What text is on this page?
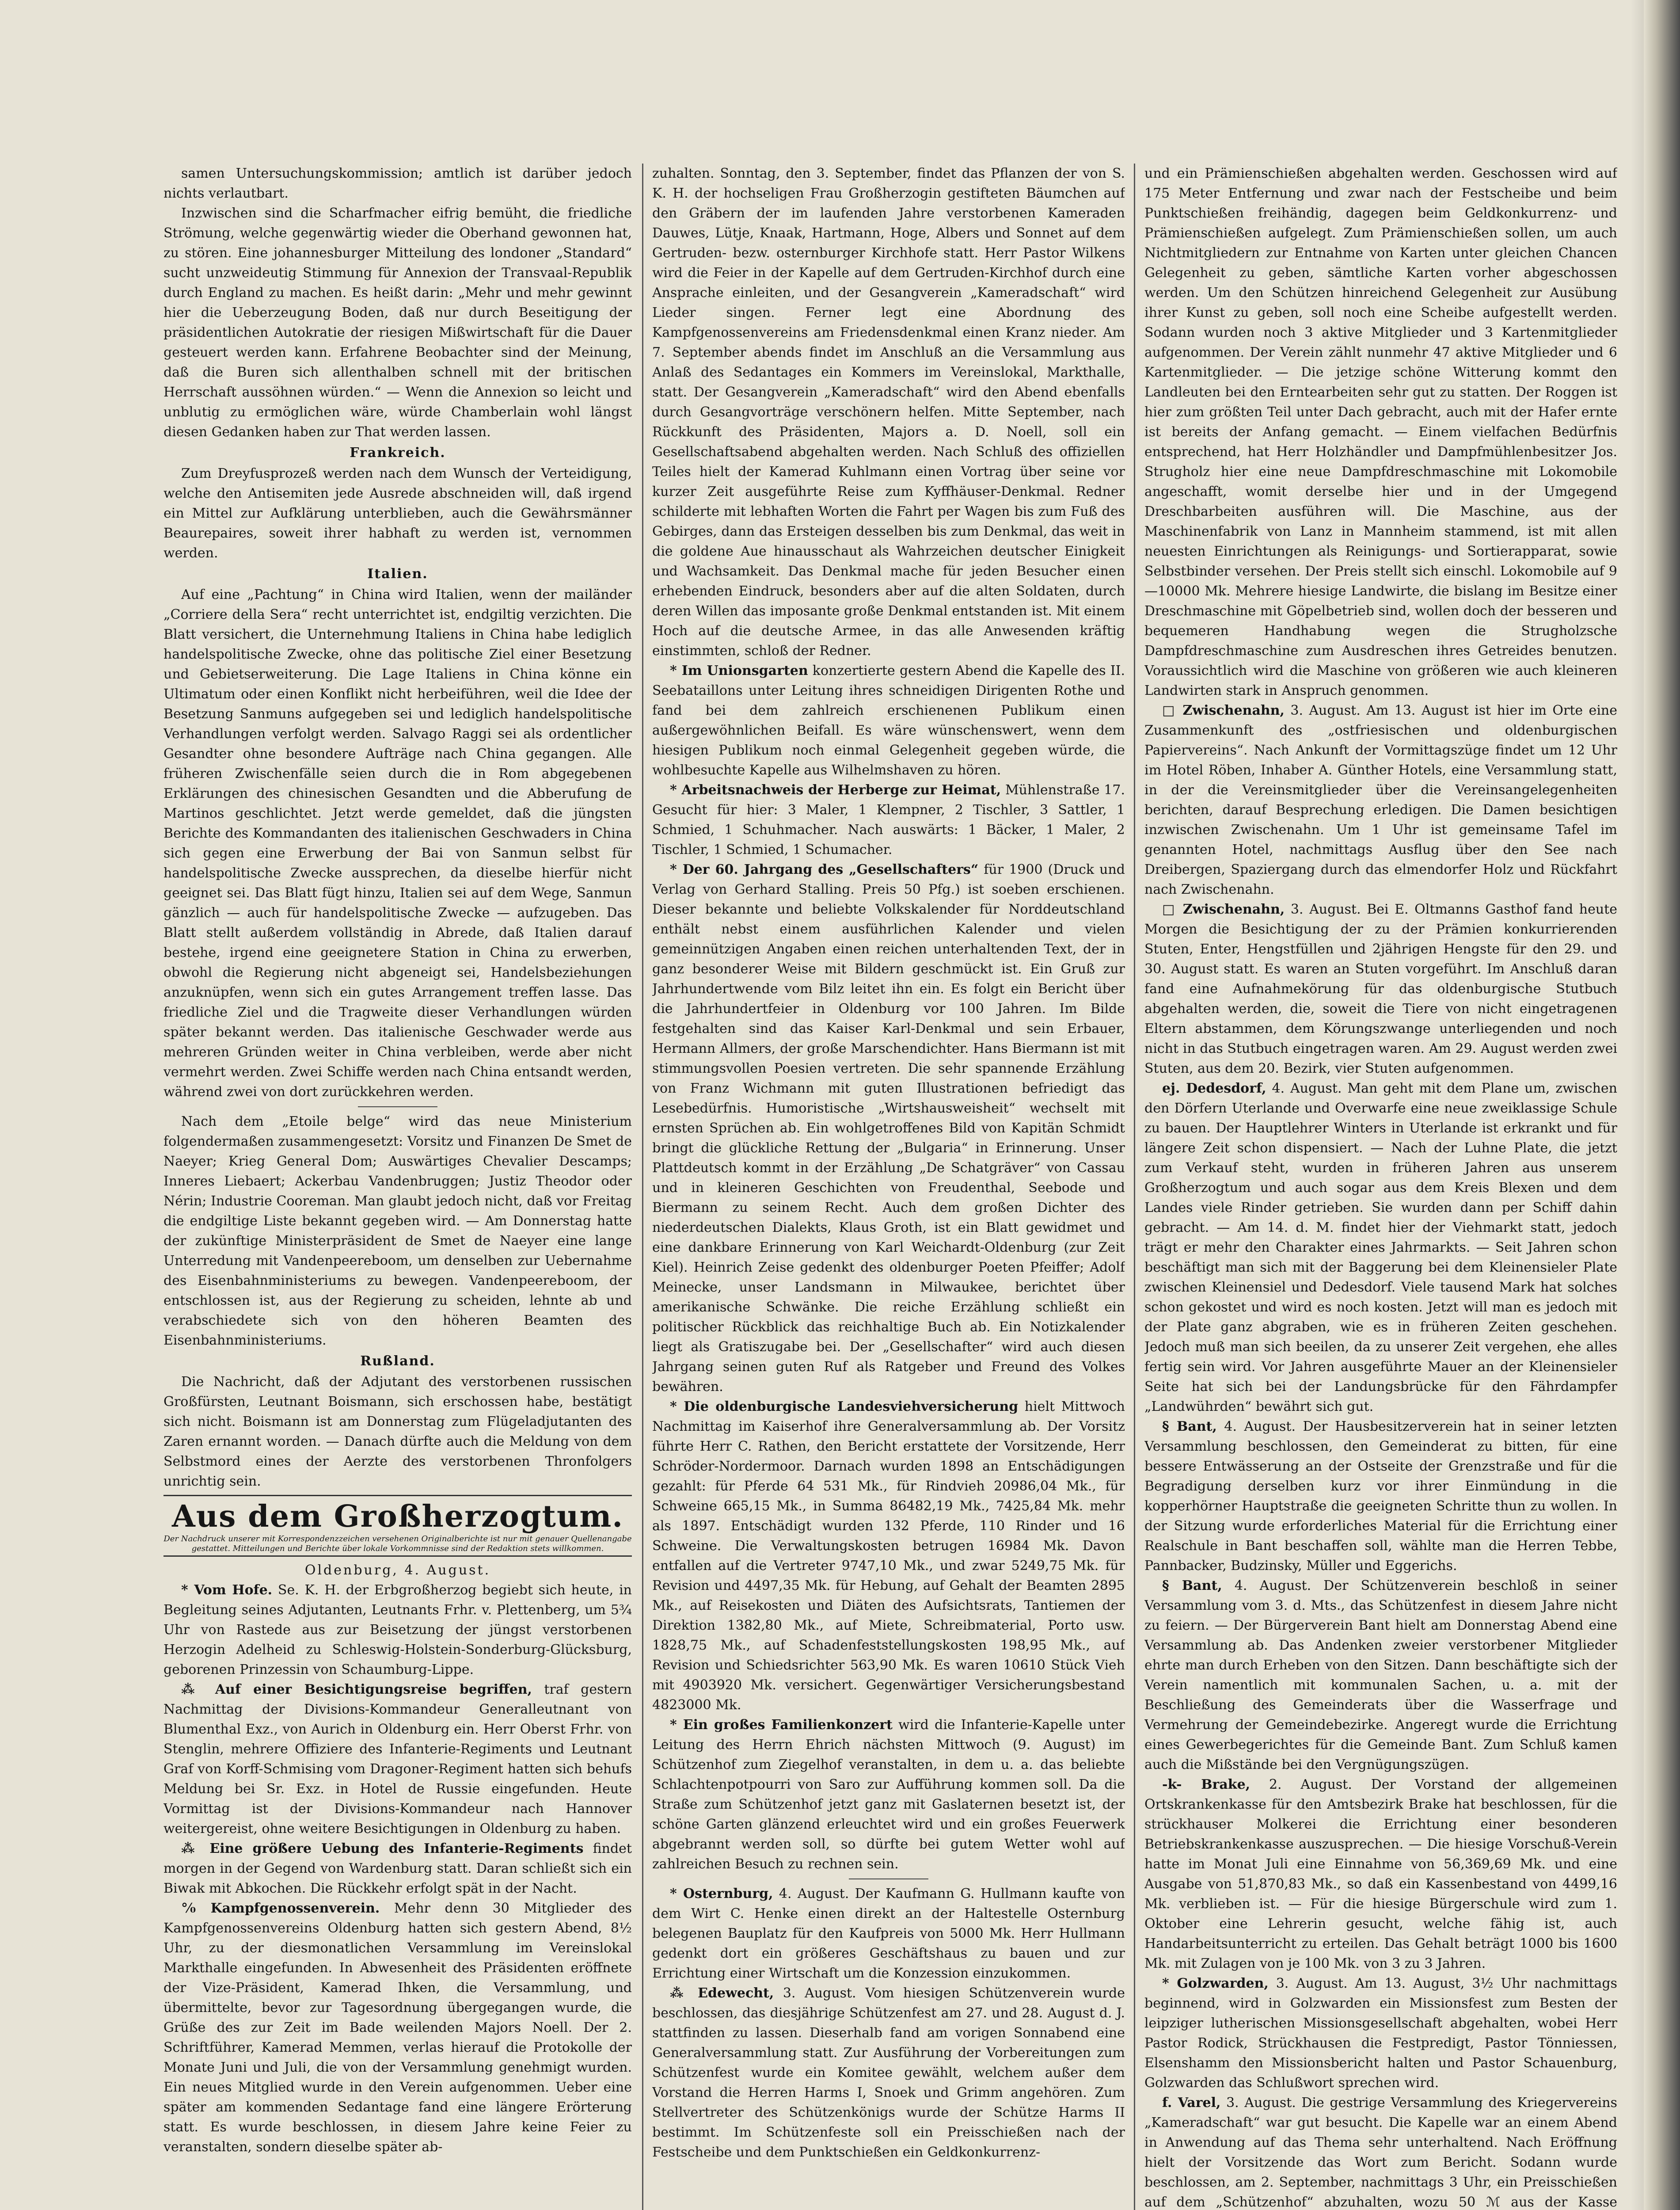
samen Untersuchungskommission; amtlich ist darüber jedoch nichts verlautbart.

Inzwischen sind die Scharfmacher eifrig bemüht, die friedliche Strömung, welche gegenwärtig wieder die Oberhand gewonnen hat, zu stören. Eine johannesburger Mitteilung des londoner „Standard“ sucht unzweideutig Stimmung für Annexion der Transvaal-Republik durch England zu machen. Es heißt darin: „Mehr und mehr gewinnt hier die Ueberzeugung Boden, daß nur durch Beseitigung der präsidentlichen Autokratie der riesigen Mißwirtschaft für die Dauer gesteuert werden kann. Erfahrene Beobachter sind der Meinung, daß die Buren sich allenthalben schnell mit der britischen Herrschaft aussöhnen würden.“ — Wenn die Annexion so leicht und unblutig zu ermöglichen wäre, würde Chamberlain wohl längst diesen Gedanken haben zur That werden lassen.

Frankreich.

Zum Dreyfusprozeß werden nach dem Wunsch der Verteidigung, welche den Antisemiten jede Ausrede abschneiden will, daß irgend ein Mittel zur Aufklärung unterblieben, auch die Gewährsmänner Beaurepaires, soweit ihrer habhaft zu werden ist, vernommen werden.

Italien.

Auf eine „Pachtung“ in China wird Italien, wenn der mailänder „Corriere della Sera“ recht unterrichtet ist, endgiltig verzichten. Die Blatt versichert, die Unternehmung Italiens in China habe lediglich handelspolitische Zwecke, ohne das politische Ziel einer Besetzung und Gebietserweiterung. Die Lage Italiens in China könne ein Ultimatum oder einen Konflikt nicht herbeiführen, weil die Idee der Besetzung Sanmuns aufgegeben sei und lediglich handelspolitische Verhandlungen verfolgt werden. Salvago Raggi sei als ordentlicher Gesandter ohne besondere Aufträge nach China gegangen. Alle früheren Zwischenfälle seien durch die in Rom abgegebenen Erklärungen des chinesischen Gesandten und die Abberufung de Martinos geschlichtet. Jetzt werde gemeldet, daß die jüngsten Berichte des Kommandanten des italienischen Geschwaders in China sich gegen eine Erwerbung der Bai von Sanmun selbst für handelspolitische Zwecke aussprechen, da dieselbe hierfür nicht geeignet sei. Das Blatt fügt hinzu, Italien sei auf dem Wege, Sanmun gänzlich — auch für handelspolitische Zwecke — aufzugeben. Das Blatt stellt außerdem vollständig in Abrede, daß Italien darauf bestehe, irgend eine geeignetere Station in China zu erwerben, obwohl die Regierung nicht abgeneigt sei, Handelsbeziehungen anzuknüpfen, wenn sich ein gutes Arrangement treffen lasse. Das friedliche Ziel und die Tragweite dieser Verhandlungen würden später bekannt werden. Das italienische Geschwader werde aus mehreren Gründen weiter in China verbleiben, werde aber nicht vermehrt werden. Zwei Schiffe werden nach China entsandt werden, während zwei von dort zurückkehren werden.

Nach dem „Etoile belge“ wird das neue Ministerium folgendermaßen zusammengesetzt: Vorsitz und Finanzen De Smet de Naeyer; Krieg General Dom; Auswärtiges Chevalier Descamps; Inneres Liebaert; Ackerbau Vandenbruggen; Justiz Theodor oder Nérin; Industrie Cooreman. Man glaubt jedoch nicht, daß vor Freitag die endgiltige Liste bekannt gegeben wird. — Am Donnerstag hatte der zukünftige Ministerpräsident de Smet de Naeyer eine lange Unterredung mit Vandenpeereboom, um denselben zur Uebernahme des Eisenbahnministeriums zu bewegen. Vandenpeereboom, der entschlossen ist, aus der Regierung zu scheiden, lehnte ab und verabschiedete sich von den höheren Beamten des Eisenbahnministeriums.

Rußland.

Die Nachricht, daß der Adjutant des verstorbenen russischen Großfürsten, Leutnant Boismann, sich erschossen habe, bestätigt sich nicht. Boismann ist am Donnerstag zum Flügeladjutanten des Zaren ernannt worden. — Danach dürfte auch die Meldung von dem Selbstmord eines der Aerzte des verstorbenen Thronfolgers unrichtig sein.

Aus dem Großherzogtum.
Der Nachdruck unserer mit Korrespondenzzeichen versehenen Originalberichte ist nur mit genauer Quellenangabe gestattet. Mitteilungen und Berichte über lokale Vorkommnisse sind der Redaktion stets willkommen.

Oldenburg, 4. August.

* Vom Hofe. Se. K. H. der Erbgroßherzog begiebt sich heute, in Begleitung seines Adjutanten, Leutnants Frhr. v. Plettenberg, um 5¾ Uhr von Rastede aus zur Beisetzung der jüngst verstorbenen Herzogin Adelheid zu Schleswig-Holstein-Sonderburg-Glücksburg, geborenen Prinzessin von Schaumburg-Lippe.

⁂ Auf einer Besichtigungsreise begriffen, traf gestern Nachmittag der Divisions-Kommandeur Generalleutnant von Blumenthal Exz., von Aurich in Oldenburg ein. Herr Oberst Frhr. von Stenglin, mehrere Offiziere des Infanterie-Regiments und Leutnant Graf von Korff-Schmising vom Dragoner-Regiment hatten sich behufs Meldung bei Sr. Exz. in Hotel de Russie eingefunden. Heute Vormittag ist der Divisions-Kommandeur nach Hannover weitergereist, ohne weitere Besichtigungen in Oldenburg zu haben.

⁂ Eine größere Uebung des Infanterie-Regiments findet morgen in der Gegend von Wardenburg statt. Daran schließt sich ein Biwak mit Abkochen. Die Rückkehr erfolgt spät in der Nacht.

°⁄₀ Kampfgenossenverein. Mehr denn 30 Mitglieder des Kampfgenossenvereins Oldenburg hatten sich gestern Abend, 8½ Uhr, zu der diesmonatlichen Versammlung im Vereinslokal Markthalle eingefunden. In Abwesenheit des Präsidenten eröffnete der Vize-Präsident, Kamerad Ihken, die Versammlung, und übermittelte, bevor zur Tagesordnung übergegangen wurde, die Grüße des zur Zeit im Bade weilenden Majors Noell. Der 2. Schriftführer, Kamerad Memmen, verlas hierauf die Protokolle der Monate Juni und Juli, die von der Versammlung genehmigt wurden. Ein neues Mitglied wurde in den Verein aufgenommen. Ueber eine später am kommenden Sedantage fand eine längere Erörterung statt. Es wurde beschlossen, in diesem Jahre keine Feier zu veranstalten, sondern dieselbe später ab-

zuhalten. Sonntag, den 3. September, findet das Pflanzen der von S. K. H. der hochseligen Frau Großherzogin gestifteten Bäumchen auf den Gräbern der im laufenden Jahre verstorbenen Kameraden Dauwes, Lütje, Knaak, Hartmann, Hoge, Albers und Sonnet auf dem Gertruden- bezw. osternburger Kirchhofe statt. Herr Pastor Wilkens wird die Feier in der Kapelle auf dem Gertruden-Kirchhof durch eine Ansprache einleiten, und der Gesangverein „Kameradschaft“ wird Lieder singen. Ferner legt eine Abordnung des Kampfgenossenvereins am Friedensdenkmal einen Kranz nieder. Am 7. September abends findet im Anschluß an die Versammlung aus Anlaß des Sedantages ein Kommers im Vereinslokal, Markthalle, statt. Der Gesangverein „Kameradschaft“ wird den Abend ebenfalls durch Gesangvorträge verschönern helfen. Mitte September, nach Rückkunft des Präsidenten, Majors a. D. Noell, soll ein Gesellschaftsabend abgehalten werden. Nach Schluß des offiziellen Teiles hielt der Kamerad Kuhlmann einen Vortrag über seine vor kurzer Zeit ausgeführte Reise zum Kyffhäuser-Denkmal. Redner schilderte mit lebhaften Worten die Fahrt per Wagen bis zum Fuß des Gebirges, dann das Ersteigen desselben bis zum Denkmal, das weit in die goldene Aue hinausschaut als Wahrzeichen deutscher Einigkeit und Wachsamkeit. Das Denkmal mache für jeden Besucher einen erhebenden Eindruck, besonders aber auf die alten Soldaten, durch deren Willen das imposante große Denkmal entstanden ist. Mit einem Hoch auf die deutsche Armee, in das alle Anwesenden kräftig einstimmten, schloß der Redner.

* Im Unionsgarten konzertierte gestern Abend die Kapelle des II. Seebataillons unter Leitung ihres schneidigen Dirigenten Rothe und fand bei dem zahlreich erschienenen Publikum einen außergewöhnlichen Beifall. Es wäre wünschenswert, wenn dem hiesigen Publikum noch einmal Gelegenheit gegeben würde, die wohlbesuchte Kapelle aus Wilhelmshaven zu hören.

* Arbeitsnachweis der Herberge zur Heimat, Mühlenstraße 17. Gesucht für hier: 3 Maler, 1 Klempner, 2 Tischler, 3 Sattler, 1 Schmied, 1 Schuhmacher. Nach auswärts: 1 Bäcker, 1 Maler, 2 Tischler, 1 Schmied, 1 Schumacher.

* Der 60. Jahrgang des „Gesellschafters“ für 1900 (Druck und Verlag von Gerhard Stalling. Preis 50 Pfg.) ist soeben erschienen. Dieser bekannte und beliebte Volkskalender für Norddeutschland enthält nebst einem ausführlichen Kalender und vielen gemeinnützigen Angaben einen reichen unterhaltenden Text, der in ganz besonderer Weise mit Bildern geschmückt ist. Ein Gruß zur Jahrhundertwende vom Bilz leitet ihn ein. Es folgt ein Bericht über die Jahrhundertfeier in Oldenburg vor 100 Jahren. Im Bilde festgehalten sind das Kaiser Karl-Denkmal und sein Erbauer, Hermann Allmers, der große Marschendichter. Hans Biermann ist mit stimmungsvollen Poesien vertreten. Die sehr spannende Erzählung von Franz Wichmann mit guten Illustrationen befriedigt das Lesebedürfnis. Humoristische „Wirtshausweisheit“ wechselt mit ernsten Sprüchen ab. Ein wohlgetroffenes Bild von Kapitän Schmidt bringt die glückliche Rettung der „Bulgaria“ in Erinnerung. Unser Plattdeutsch kommt in der Erzählung „De Schatgräver“ von Cassau und in kleineren Geschichten von Freudenthal, Seebode und Biermann zu seinem Recht. Auch dem großen Dichter des niederdeutschen Dialekts, Klaus Groth, ist ein Blatt gewidmet und eine dankbare Erinnerung von Karl Weichardt-Oldenburg (zur Zeit Kiel). Heinrich Zeise gedenkt des oldenburger Poeten Pfeiffer; Adolf Meinecke, unser Landsmann in Milwaukee, berichtet über amerikanische Schwänke. Die reiche Erzählung schließt ein politischer Rückblick das reichhaltige Buch ab. Ein Notizkalender liegt als Gratiszugabe bei. Der „Gesellschafter“ wird auch diesen Jahrgang seinen guten Ruf als Ratgeber und Freund des Volkes bewähren.

* Die oldenburgische Landesviehversicherung hielt Mittwoch Nachmittag im Kaiserhof ihre Generalversammlung ab. Der Vorsitz führte Herr C. Rathen, den Bericht erstattete der Vorsitzende, Herr Schröder-Nordermoor. Darnach wurden 1898 an Entschädigungen gezahlt: für Pferde 64 531 Mk., für Rindvieh 20986,04 Mk., für Schweine 665,15 Mk., in Summa 86482,19 Mk., 7425,84 Mk. mehr als 1897. Entschädigt wurden 132 Pferde, 110 Rinder und 16 Schweine. Die Verwaltungskosten betrugen 16984 Mk. Davon entfallen auf die Vertreter 9747,10 Mk., und zwar 5249,75 Mk. für Revision und 4497,35 Mk. für Hebung, auf Gehalt der Beamten 2895 Mk., auf Reisekosten und Diäten des Aufsichtsrats, Tantiemen der Direktion 1382,80 Mk., auf Miete, Schreibmaterial, Porto usw. 1828,75 Mk., auf Schadenfeststellungskosten 198,95 Mk., auf Revision und Schiedsrichter 563,90 Mk. Es waren 10610 Stück Vieh mit 4903920 Mk. versichert. Gegenwärtiger Versicherungsbestand 4823000 Mk.

* Ein großes Familienkonzert wird die Infanterie-Kapelle unter Leitung des Herrn Ehrich nächsten Mittwoch (9. August) im Schützenhof zum Ziegelhof veranstalten, in dem u. a. das beliebte Schlachtenpotpourri von Saro zur Aufführung kommen soll. Da die Straße zum Schützenhof jetzt ganz mit Gaslaternen besetzt ist, der schöne Garten glänzend erleuchtet wird und ein großes Feuerwerk abgebrannt werden soll, so dürfte bei gutem Wetter wohl auf zahlreichen Besuch zu rechnen sein.

* Osternburg, 4. August. Der Kaufmann G. Hullmann kaufte von dem Wirt C. Henke einen direkt an der Haltestelle Osternburg belegenen Bauplatz für den Kaufpreis von 5000 Mk. Herr Hullmann gedenkt dort ein größeres Geschäftshaus zu bauen und zur Errichtung einer Wirtschaft um die Konzession einzukommen.

⁂ Edewecht, 3. August. Vom hiesigen Schützenverein wurde beschlossen, das diesjährige Schützenfest am 27. und 28. August d. J. stattfinden zu lassen. Dieserhalb fand am vorigen Sonnabend eine Generalversammlung statt. Zur Ausführung der Vorbereitungen zum Schützenfest wurde ein Komitee gewählt, welchem außer dem Vorstand die Herren Harms I, Snoek und Grimm angehören. Zum Stellvertreter des Schützenkönigs wurde der Schütze Harms II bestimmt. Im Schützenfeste soll ein Preisschießen nach der Festscheibe und dem Punktschießen ein Geldkonkurrenz-

und ein Prämienschießen abgehalten werden. Geschossen wird auf 175 Meter Entfernung und zwar nach der Festscheibe und beim Punktschießen freihändig, dagegen beim Geldkonkurrenz- und Prämienschießen aufgelegt. Zum Prämienschießen sollen, um auch Nichtmitgliedern zur Entnahme von Karten unter gleichen Chancen Gelegenheit zu geben, sämtliche Karten vorher abgeschossen werden. Um den Schützen hinreichend Gelegenheit zur Ausübung ihrer Kunst zu geben, soll noch eine Scheibe aufgestellt werden. Sodann wurden noch 3 aktive Mitglieder und 3 Kartenmitglieder aufgenommen. Der Verein zählt nunmehr 47 aktive Mitglieder und 6 Kartenmitglieder. — Die jetzige schöne Witterung kommt den Landleuten bei den Erntearbeiten sehr gut zu statten. Der Roggen ist hier zum größten Teil unter Dach gebracht, auch mit der Hafer ernte ist bereits der Anfang gemacht. — Einem vielfachen Bedürfnis entsprechend, hat Herr Holzhändler und Dampfmühlenbesitzer Jos. Strugholz hier eine neue Dampfdreschmaschine mit Lokomobile angeschafft, womit derselbe hier und in der Umgegend Dreschbarbeiten ausführen will. Die Maschine, aus der Maschinenfabrik von Lanz in Mannheim stammend, ist mit allen neuesten Einrichtungen als Reinigungs- und Sortierapparat, sowie Selbstbinder versehen. Der Preis stellt sich einschl. Lokomobile auf 9—10000 Mk. Mehrere hiesige Landwirte, die bislang im Besitze einer Dreschmaschine mit Göpelbetrieb sind, wollen doch der besseren und bequemeren Handhabung wegen die Strugholzsche Dampfdreschmaschine zum Ausdreschen ihres Getreides benutzen. Voraussichtlich wird die Maschine von größeren wie auch kleineren Landwirten stark in Anspruch genommen.

□ Zwischenahn, 3. August. Am 13. August ist hier im Orte eine Zusammenkunft des „ostfriesischen und oldenburgischen Papiervereins“. Nach Ankunft der Vormittagszüge findet um 12 Uhr im Hotel Röben, Inhaber A. Günther Hotels, eine Versammlung statt, in der die Vereinsmitglieder über die Vereinsangelegenheiten berichten, darauf Besprechung erledigen. Die Damen besichtigen inzwischen Zwischenahn. Um 1 Uhr ist gemeinsame Tafel im genannten Hotel, nachmittags Ausflug über den See nach Dreibergen, Spaziergang durch das elmendorfer Holz und Rückfahrt nach Zwischenahn.

□ Zwischenahn, 3. August. Bei E. Oltmanns Gasthof fand heute Morgen die Besichtigung der zu der Prämien konkurrierenden Stuten, Enter, Hengstfüllen und 2jährigen Hengste für den 29. und 30. August statt. Es waren an Stuten vorgeführt. Im Anschluß daran fand eine Aufnahmekörung für das oldenburgische Stutbuch abgehalten werden, die, soweit die Tiere von nicht eingetragenen Eltern abstammen, dem Körungszwange unterliegenden und noch nicht in das Stutbuch eingetragen waren. Am 29. August werden zwei Stuten, aus dem 20. Bezirk, vier Stuten aufgenommen.

ej. Dedesdorf, 4. August. Man geht mit dem Plane um, zwischen den Dörfern Uterlande und Overwarfe eine neue zweiklassige Schule zu bauen. Der Hauptlehrer Winters in Uterlande ist erkrankt und für längere Zeit schon dispensiert. — Nach der Luhne Plate, die jetzt zum Verkauf steht, wurden in früheren Jahren aus unserem Großherzogtum und auch sogar aus dem Kreis Blexen und dem Landes viele Rinder getrieben. Sie wurden dann per Schiff dahin gebracht. — Am 14. d. M. findet hier der Viehmarkt statt, jedoch trägt er mehr den Charakter eines Jahrmarkts. — Seit Jahren schon beschäftigt man sich mit der Baggerung bei dem Kleinensieler Plate zwischen Kleinensiel und Dedesdorf. Viele tausend Mark hat solches schon gekostet und wird es noch kosten. Jetzt will man es jedoch mit der Plate ganz abgraben, wie es in früheren Zeiten geschehen. Jedoch muß man sich beeilen, da zu unserer Zeit vergehen, ehe alles fertig sein wird. Vor Jahren ausgeführte Mauer an der Kleinensieler Seite hat sich bei der Landungsbrücke für den Fährdampfer „Landwührden“ bewährt sich gut.

§ Bant, 4. August. Der Hausbesitzerverein hat in seiner letzten Versammlung beschlossen, den Gemeinderat zu bitten, für eine bessere Entwässerung an der Ostseite der Grenzstraße und für die Begradigung derselben kurz vor ihrer Einmündung in die kopperhörner Hauptstraße die geeigneten Schritte thun zu wollen. In der Sitzung wurde erforderliches Material für die Errichtung einer Realschule in Bant beschaffen soll, wählte man die Herren Tebbe, Pannbacker, Budzinsky, Müller und Eggerichs.

§ Bant, 4. August. Der Schützenverein beschloß in seiner Versammlung vom 3. d. Mts., das Schützenfest in diesem Jahre nicht zu feiern. — Der Bürgerverein Bant hielt am Donnerstag Abend eine Versammlung ab. Das Andenken zweier verstorbener Mitglieder ehrte man durch Erheben von den Sitzen. Dann beschäftigte sich der Verein namentlich mit kommunalen Sachen, u. a. mit der Beschließung des Gemeinderats über die Wasserfrage und Vermehrung der Gemeindebezirke. Angeregt wurde die Errichtung eines Gewerbegerichtes für die Gemeinde Bant. Zum Schluß kamen auch die Mißstände bei den Vergnügungszügen.

-k- Brake, 2. August. Der Vorstand der allgemeinen Ortskrankenkasse für den Amtsbezirk Brake hat beschlossen, für die strückhauser Molkerei die Errichtung einer besonderen Betriebskrankenkasse auszusprechen. — Die hiesige Vorschuß-Verein hatte im Monat Juli eine Einnahme von 56,369,69 Mk. und eine Ausgabe von 51,870,83 Mk., so daß ein Kassenbestand von 4499,16 Mk. verblieben ist. — Für die hiesige Bürgerschule wird zum 1. Oktober eine Lehrerin gesucht, welche fähig ist, auch Handarbeitsunterricht zu erteilen. Das Gehalt beträgt 1000 bis 1600 Mk. mit Zulagen von je 100 Mk. von 3 zu 3 Jahren.

* Golzwarden, 3. August. Am 13. August, 3½ Uhr nachmittags beginnend, wird in Golzwarden ein Missionsfest zum Besten der leipziger lutherischen Missionsgesellschaft abgehalten, wobei Herr Pastor Rodick, Strückhausen die Festpredigt, Pastor Tönniessen, Elsenshamm den Missionsbericht halten und Pastor Schauenburg, Golzwarden das Schlußwort sprechen wird.

f. Varel, 3. August. Die gestrige Versammlung des Kriegervereins „Kameradschaft“ war gut besucht. Die Kapelle war an einem Abend in Anwendung auf das Thema sehr unterhaltend. Nach Eröffnung hielt der Vorsitzende das Wort zum Bericht. Sodann wurde beschlossen, am 2. September, nachmittags 3 Uhr, ein Preisschießen auf dem „Schützenhof“ abzuhalten, wozu 50 ℳ aus der Kasse
